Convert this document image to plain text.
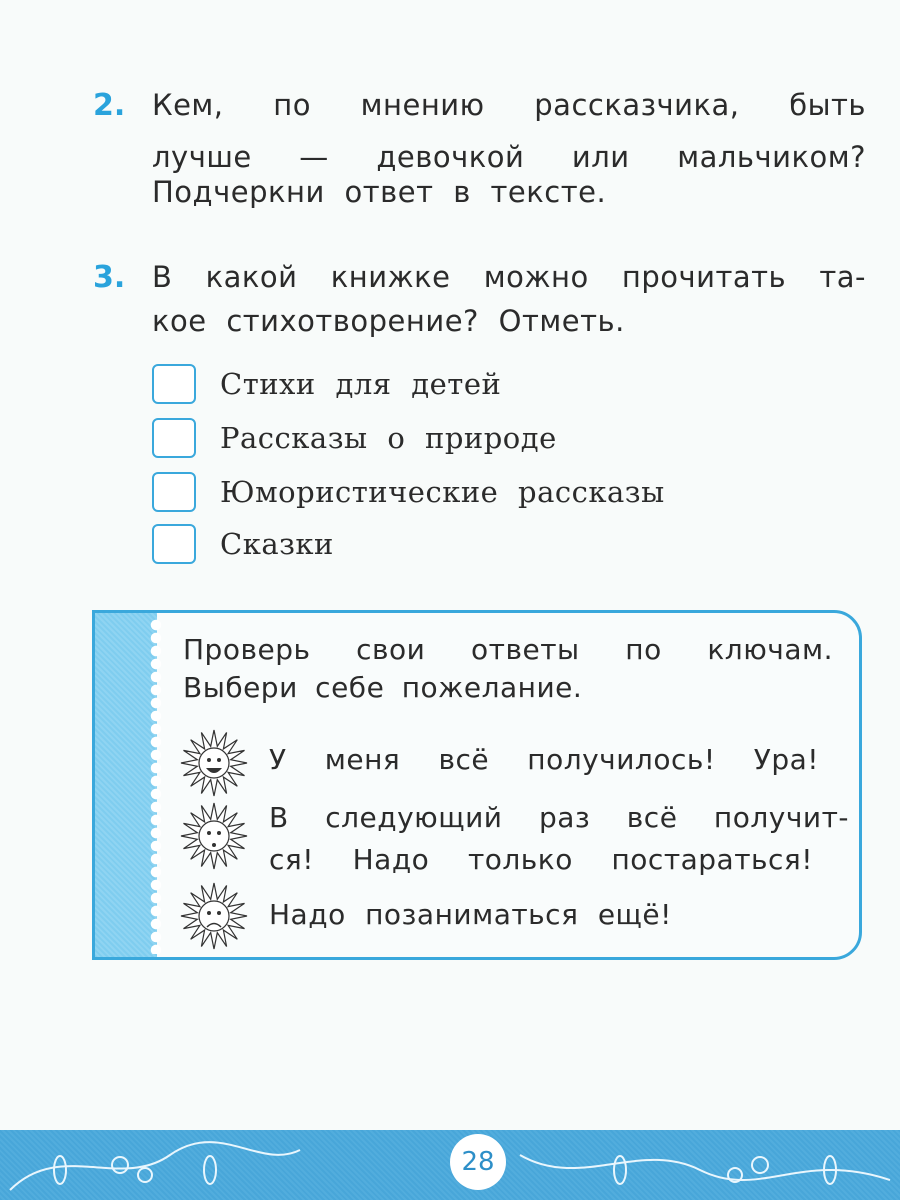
2. Кем, по мнению рассказчика, быть
лучше — девочкой или мальчиком?
Подчеркни ответ в тексте.
3. В какой книжке можно прочитать та-
кое стихотворение? Отметь.
Стихи для детей
Рассказы о природе
Юмористические рассказы
Сказки
Проверь свои ответы по ключам.
Выбери себе пожелание.
У меня всё получилось! Ура!
В следующий раз всё получит-
ся! Надо только постараться!
Надо позаниматься ещё!
28
